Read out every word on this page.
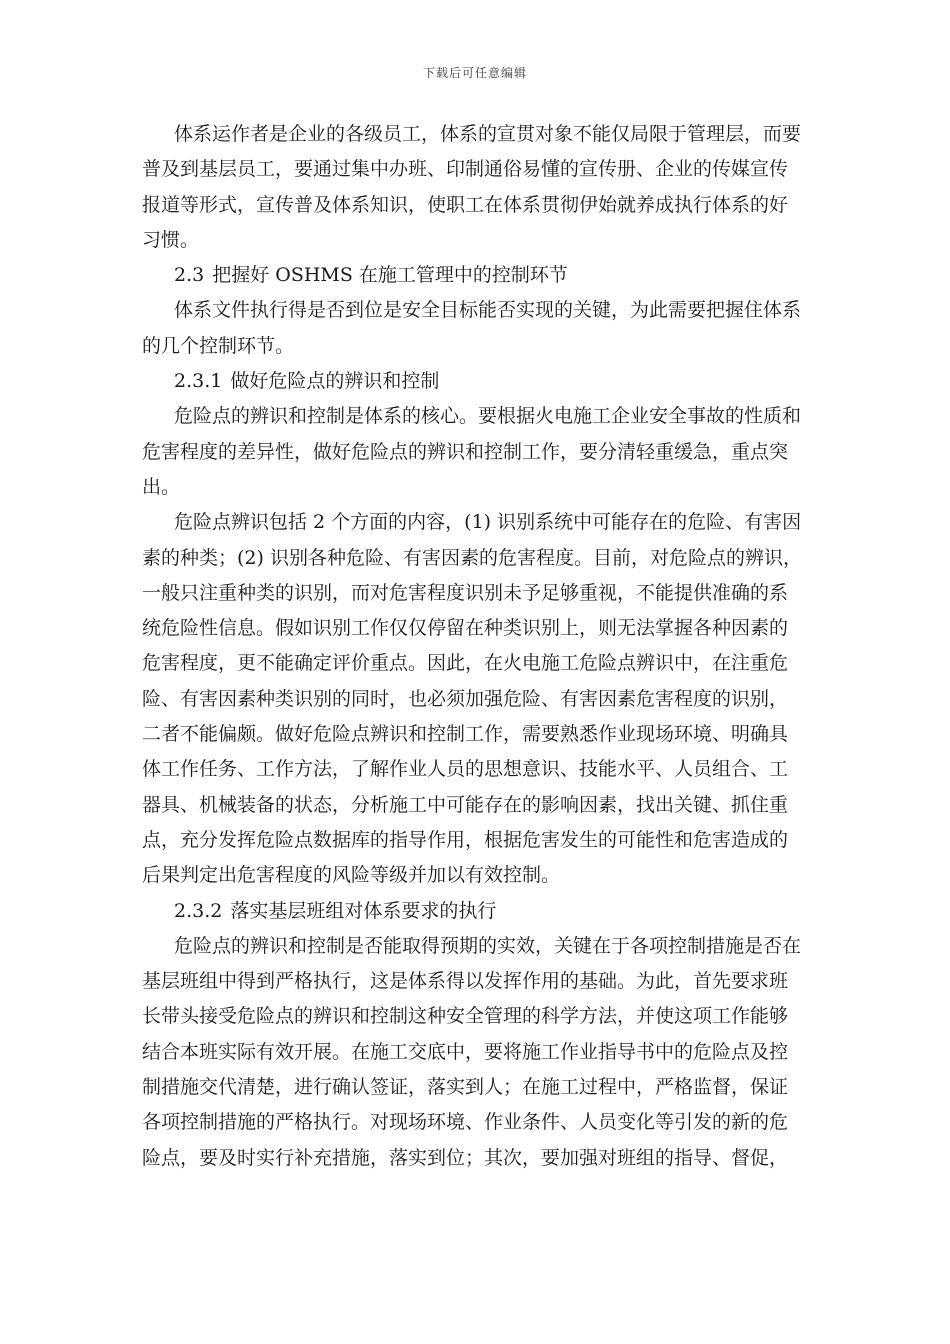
下载后可任意编辑
体系运作者是企业的各级员工，体系的宣贯对象不能仅局限于管理层，而要
普及到基层员工，要通过集中办班、印制通俗易懂的宣传册、企业的传媒宣传
报道等形式，宣传普及体系知识，使职工在体系贯彻伊始就养成执行体系的好
习惯。
2.3 把握好 OSHMS 在施工管理中的控制环节
体系文件执行得是否到位是安全目标能否实现的关键，为此需要把握住体系
的几个控制环节。
2.3.1 做好危险点的辨识和控制
危险点的辨识和控制是体系的核心。要根据火电施工企业安全事故的性质和
危害程度的差异性，做好危险点的辨识和控制工作，要分清轻重缓急，重点突
出。
危险点辨识包括 2 个方面的内容，(1) 识别系统中可能存在的危险、有害因
素的种类；(2) 识别各种危险、有害因素的危害程度。目前，对危险点的辨识，
一般只注重种类的识别，而对危害程度识别未予足够重视，不能提供准确的系
统危险性信息。假如识别工作仅仅停留在种类识别上，则无法掌握各种因素的
危害程度，更不能确定评价重点。因此，在火电施工危险点辨识中，在注重危
险、有害因素种类识别的同时，也必须加强危险、有害因素危害程度的识别，
二者不能偏颇。做好危险点辨识和控制工作，需要熟悉作业现场环境、明确具
体工作任务、工作方法，了解作业人员的思想意识、技能水平、人员组合、工
器具、机械装备的状态，分析施工中可能存在的影响因素，找出关键、抓住重
点，充分发挥危险点数据库的指导作用，根据危害发生的可能性和危害造成的
后果判定出危害程度的风险等级并加以有效控制。
2.3.2 落实基层班组对体系要求的执行
危险点的辨识和控制是否能取得预期的实效，关键在于各项控制措施是否在
基层班组中得到严格执行，这是体系得以发挥作用的基础。为此，首先要求班
长带头接受危险点的辨识和控制这种安全管理的科学方法，并使这项工作能够
结合本班实际有效开展。在施工交底中，要将施工作业指导书中的危险点及控
制措施交代清楚，进行确认签证，落实到人；在施工过程中，严格监督，保证
各项控制措施的严格执行。对现场环境、作业条件、人员变化等引发的新的危
险点，要及时实行补充措施，落实到位；其次，要加强对班组的指导、督促，
